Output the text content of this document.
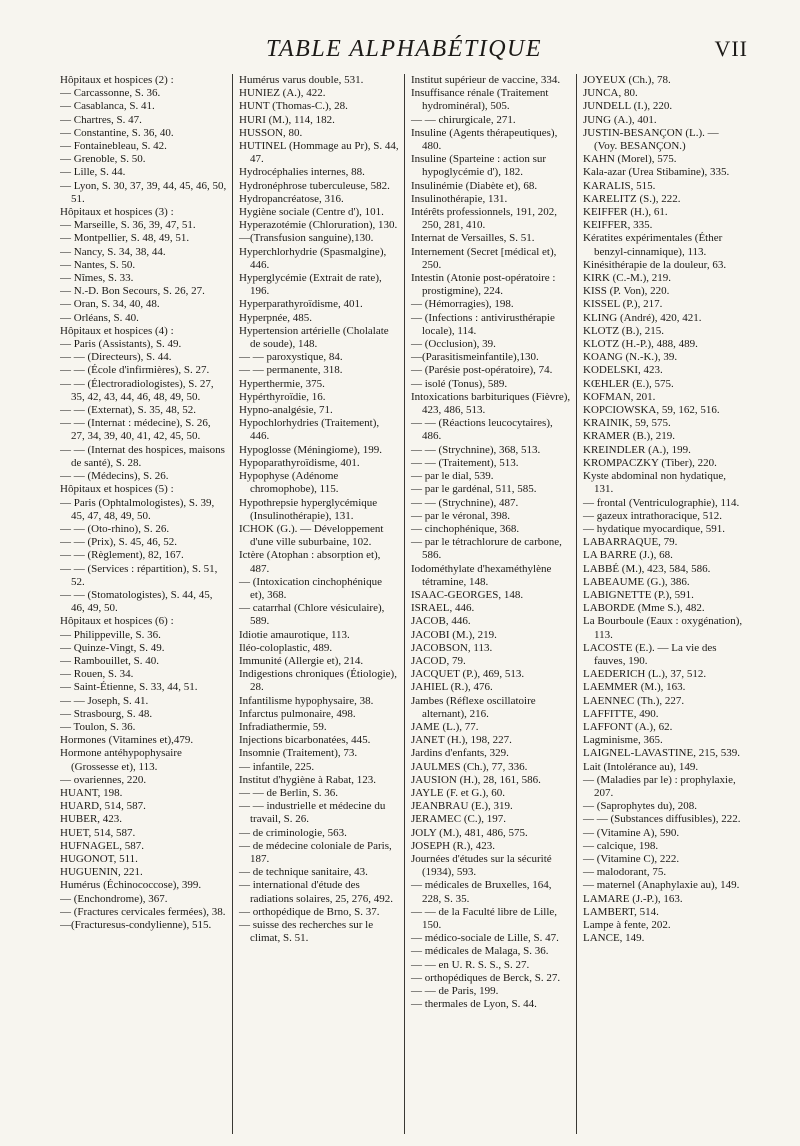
TABLE ALPHABÉTIQUE	VII
Hôpitaux et hospices (2) :
— Carcassonne, S. 36.
— Casablanca, S. 41.
— Chartres, S. 47.
— Constantine, S. 36, 40.
— Fontainebleau, S. 42.
— Grenoble, S. 50.
— Lille, S. 44.
— Lyon, S. 30, 37, 39, 44, 45, 46, 50, 51.
Hôpitaux et hospices (3) :
— Marseille, S. 36, 39, 47, 51.
— Montpellier, S. 48, 49, 51.
— Nancy, S. 34, 38, 44.
— Nantes, S. 50.
— Nîmes, S. 33.
— N.-D. Bon Secours, S. 26, 27.
— Oran, S. 34, 40, 48.
— Orléans, S. 40.
Hôpitaux et hospices (4) :
— Paris (Assistants), S. 49.
— — (Directeurs), S. 44.
— — (École d'infirmières), S. 27.
— — (Électroradiologistes), S. 27, 35, 42, 43, 44, 46, 48, 49, 50.
— — (Externat), S. 35, 48, 52.
— — (Internat : médecine), S. 26, 27, 34, 39, 40, 41, 42, 45, 50.
— — (Internat des hospices, maisons de santé), S. 28.
— — (Médecins), S. 26.
Hôpitaux et hospices (5) :
— Paris (Ophtalmologistes), S. 39, 45, 47, 48, 49, 50.
— — (Oto-rhino), S. 26.
— — (Prix), S. 45, 46, 52.
— — (Règlement), 82, 167.
— — (Services : répartition), S. 51, 52.
— — (Stomatologistes), S. 44, 45, 46, 49, 50.
Hôpitaux et hospices (6) :
— Philippeville, S. 36.
— Quinze-Vingt, S. 49.
— Rambouillet, S. 40.
— Rouen, S. 34.
— Saint-Étienne, S. 33, 44, 51.
— — Joseph, S. 41.
— Strasbourg, S. 48.
— Toulon, S. 36.
Hormones (Vitamines et),479.
Hormone antéhypophysaire (Grossesse et), 113.
— ovariennes, 220.
HUANT, 198.
HUARD, 514, 587.
HUBER, 423.
HUET, 514, 587.
HUFNAGEL, 587.
HUGONOT, 511.
HUGUENIN, 221.
Humérus (Échinococcose), 399.
— (Enchondrome), 367.
— (Fractures cervicales fermées), 38.
—(Fracturesus-condylienne), 515.
Humérus varus double, 531.
HUNIEZ (A.), 422.
HUNT (Thomas-C.), 28.
HURI (M.), 114, 182.
HUSSON, 80.
HUTINEL (Hommage au Pr), S. 44, 47.
Hydrocéphalies internes, 88.
Hydronéphrose tuberculeuse, 582.
Hydropancréatose, 316.
Hygiène sociale (Centre d'), 101.
Hyperazotémie (Chloruration), 130.
—(Transfusion sanguine),130.
Hyperchlorhydrie (Spasmalgine), 446.
Hyperglycémie (Extrait de rate), 196.
Hyperparathyroïdisme, 401.
Hyperpnée, 485.
Hypertension artérielle (Cholalate de soude), 148.
— — paroxystique, 84.
— — permanente, 318.
Hyperthermie, 375.
Hypérthyroïdie, 16.
Hypno-analgésie, 71.
Hypochlorhydries (Traitement), 446.
Hypoglosse (Méningiome), 199.
Hypoparathyroïdisme, 401.
Hypophyse (Adénome chromophobe), 115.
Hypothrepsie hyperglycémique (Insulinothérapie), 131.
ICHOK (G.). — Développement d'une ville suburbaine, 102.
Ictère (Atophan : absorption et), 487.
— (Intoxication cinchophénique et), 368.
— catarrhal (Chlore vésiculaire), 589.
Idiotie amaurotique, 113.
Iléo-coloplastic, 489.
Immunité (Allergie et), 214.
Indigestions chroniques (Étiologie), 28.
Infantilisme hypophysaire, 38.
Infarctus pulmonaire, 498.
Infradiathermie, 59.
Injections bicarbonatées, 445.
Insomnie (Traitement), 73.
— infantile, 225.
Institut d'hygiène à Rabat, 123.
— — de Berlin, S. 36.
— — industrielle et médecine du travail, S. 26.
— de criminologie, 563.
— de médecine coloniale de Paris, 187.
— de technique sanitaire, 43.
— international d'étude des radiations solaires, 25, 276, 492.
— orthopédique de Brno, S. 37.
— suisse des recherches sur le climat, S. 51.
Institut supérieur de vaccine, 334.
Insuffisance rénale (Traitement hydrominéral), 505.
— — chirurgicale, 271.
Insuline (Agents thérapeutiques), 480.
Insuline (Sparteine : action sur hypoglycémie d'), 182.
Insulinémie (Diabète et), 68.
Insulinothérapie, 131.
Intérêts professionnels, 191, 202, 250, 281, 410.
Internat de Versailles, S. 51.
Internement (Secret [médical et), 250.
Intestin (Atonie post-opératoire : prostigmine), 224.
— (Hémorragies), 198.
— (Infections : antivirusthérapie locale), 114.
— (Occlusion), 39.
—(Parasitismeinfantile),130.
— (Parésie post-opératoire), 74.
— isolé (Tonus), 589.
Intoxications barbituriques (Fièvre), 423, 486, 513.
— — (Réactions leucocytaires), 486.
— — (Strychnine), 368, 513.
— — (Traitement), 513.
— par le dial, 539.
— par le gardénal, 511, 585.
— — (Strychnine), 487.
— par le véronal, 398.
— cinchophénique, 368.
— par le tétrachlorure de carbone, 586.
Iodométhylate d'hexaméthylène tétramine, 148.
ISAAC-GEORGES, 148.
ISRAEL, 446.
JACOB, 446.
JACOBI (M.), 219.
JACOBSON, 113.
JACOD, 79.
JACQUET (P.), 469, 513.
JAHIEL (R.), 476.
Jambes (Réflexe oscillatoire alternant), 216.
JAME (L.), 77.
JANET (H.), 198, 227.
Jardins d'enfants, 329.
JAULMES (Ch.), 77, 336.
JAUSION (H.), 28, 161, 586.
JAYLE (F. et G.), 60.
JEANBRAU (E.), 319.
JERAMEC (C.), 197.
JOLY (M.), 481, 486, 575.
JOSEPH (R.), 423.
Journées d'études sur la sécurité (1934), 593.
— médicales de Bruxelles, 164, 228, S. 35.
— — de la Faculté libre de Lille, 150.
— médico-sociale de Lille, S. 47.
— médicales de Malaga, S. 36.
— — en U. R. S. S., S. 27.
— orthopédiques de Berck, S. 27.
— — de Paris, 199.
— thermales de Lyon, S. 44.
JOYEUX (Ch.), 78.
JUNCA, 80.
JUNDELL (I.), 220.
JUNG (A.), 401.
JUSTIN-BESANÇON (L.). — (Voy. BESANÇON.)
KAHN (Morel), 575.
Kala-azar (Urea Stibamine), 335.
KARALIS, 515.
KARELITZ (S.), 222.
KEIFFER (H.), 61.
KEIFFER, 335.
Kératites expérimentales (Éther benzyl-cinnamique), 113.
Kinésithérapie de la douleur, 63.
KIRK (C.-M.), 219.
KISS (P. Von), 220.
KISSEL (P.), 217.
KLING (André), 420, 421.
KLOTZ (B.), 215.
KLOTZ (H.-P.), 488, 489.
KOANG (N.-K.), 39.
KODELSKI, 423.
KŒHLER (E.), 575.
KOFMAN, 201.
KOPCIOWSKA, 59, 162, 516.
KRAINIK, 59, 575.
KRAMER (B.), 219.
KREINDLER (A.), 199.
KROMPACZKY (Tiber), 220.
Kyste abdominal non hydatique, 131.
— frontal (Ventriculographie), 114.
— gazeux intrathoracique, 512.
— hydatique myocardique, 591.
LABARRAQUE, 79.
LA BARRE (J.), 68.
LABBÉ (M.), 423, 584, 586.
LABEAUME (G.), 386.
LABIGNETTE (P.), 591.
LABORDE (Mme S.), 482.
La Bourboule (Eaux : oxygénation), 113.
LACOSTE (E.). — La vie des fauves, 190.
LAEDERICH (L.), 37, 512.
LAEMMER (M.), 163.
LAENNEC (Th.), 227.
LAFFITTE, 490.
LAFFONT (A.), 62.
Lagminisme, 365.
LAIGNEL-LAVASTINE, 215, 539.
Lait (Intolérance au), 149.
— (Maladies par le) : prophylaxie, 207.
— (Saprophytes du), 208.
— — (Substances diffusibles), 222.
— (Vitamine A), 590.
— calcique, 198.
— (Vitamine C), 222.
— malodorant, 75.
— maternel (Anaphylaxie au), 149.
LAMARE (J.-P.), 163.
LAMBERT, 514.
Lampe à fente, 202.
LANCE, 149.
